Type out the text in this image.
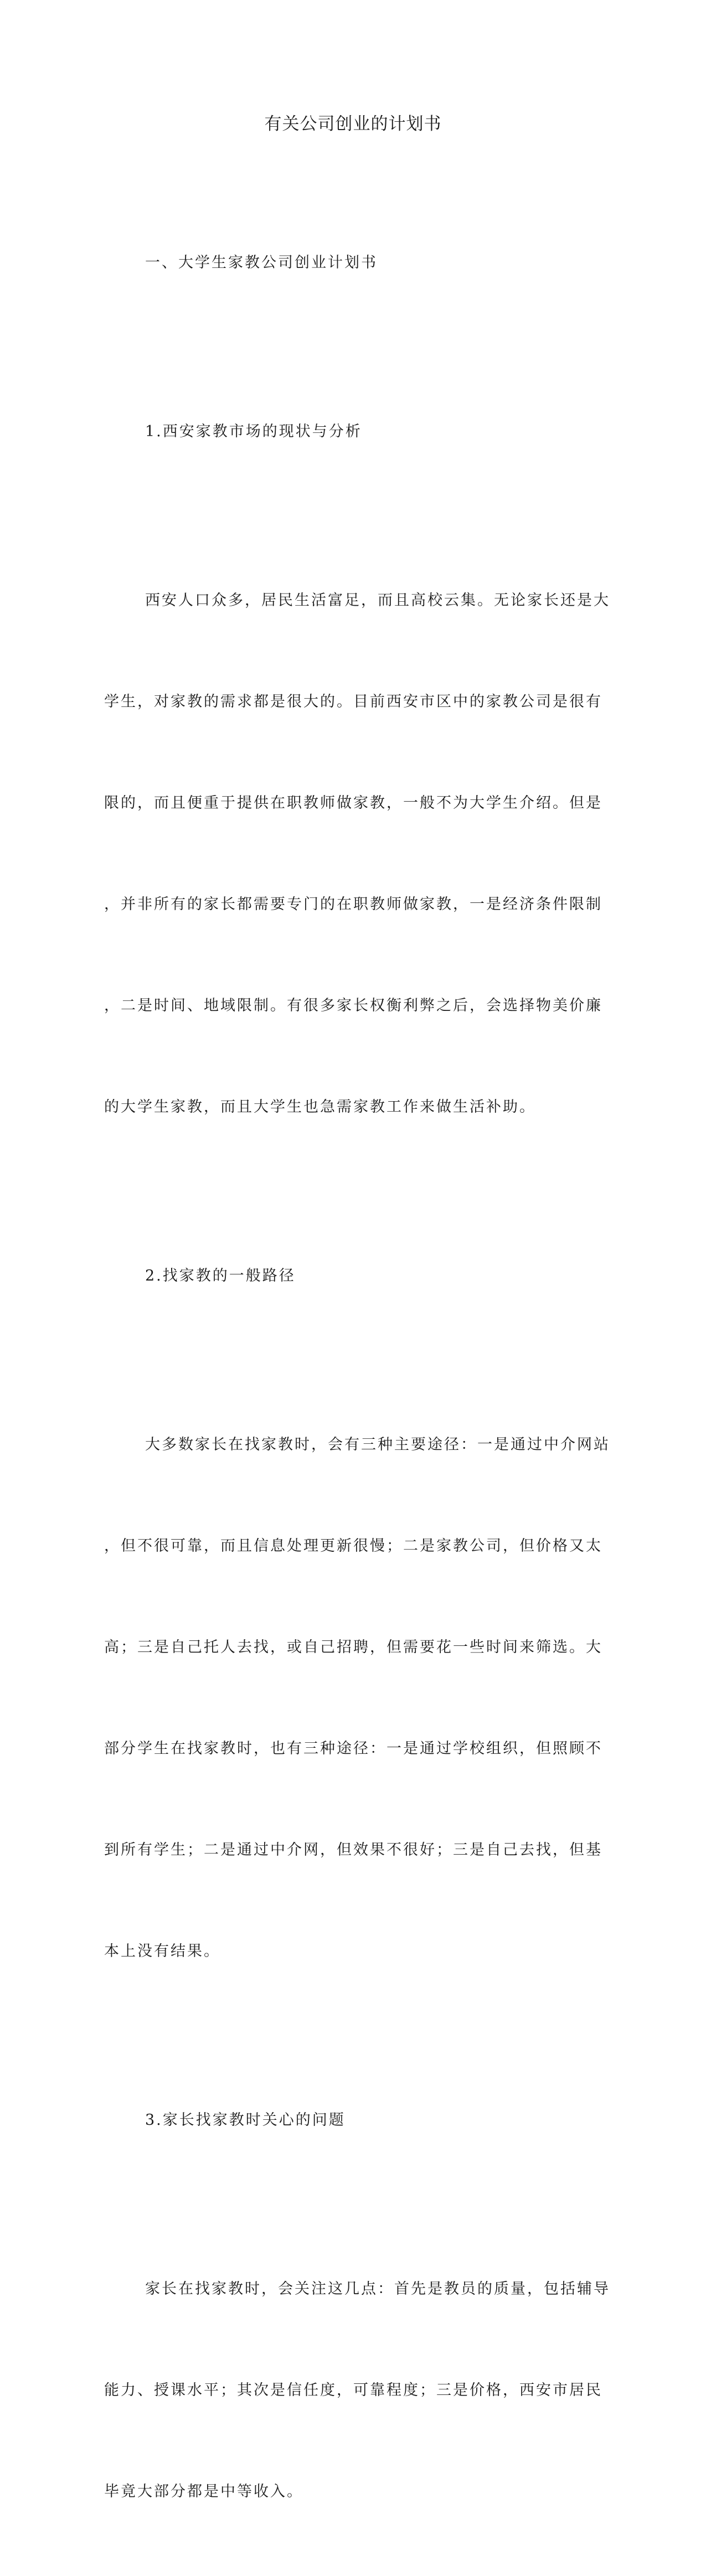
有关公司创业的计划书

一、大学生家教公司创业计划书

1.西安家教市场的现状与分析

西安人口众多，居民生活富足，而且高校云集。无论家长还是大

学生，对家教的需求都是很大的。目前西安市区中的家教公司是很有

限的，而且便重于提供在职教师做家教，一般不为大学生介绍。但是

，并非所有的家长都需要专门的在职教师做家教，一是经济条件限制

，二是时间、地域限制。有很多家长权衡利弊之后，会选择物美价廉

的大学生家教，而且大学生也急需家教工作来做生活补助。

2.找家教的一般路径

大多数家长在找家教时，会有三种主要途径：一是通过中介网站

，但不很可靠，而且信息处理更新很慢；二是家教公司，但价格又太

高；三是自己托人去找，或自己招聘，但需要花一些时间来筛选。大

部分学生在找家教时，也有三种途径：一是通过学校组织，但照顾不

到所有学生；二是通过中介网，但效果不很好；三是自己去找，但基

本上没有结果。

3.家长找家教时关心的问题

家长在找家教时，会关注这几点：首先是教员的质量，包括辅导

能力、授课水平；其次是信任度，可靠程度；三是价格，西安市居民

毕竟大部分都是中等收入。
